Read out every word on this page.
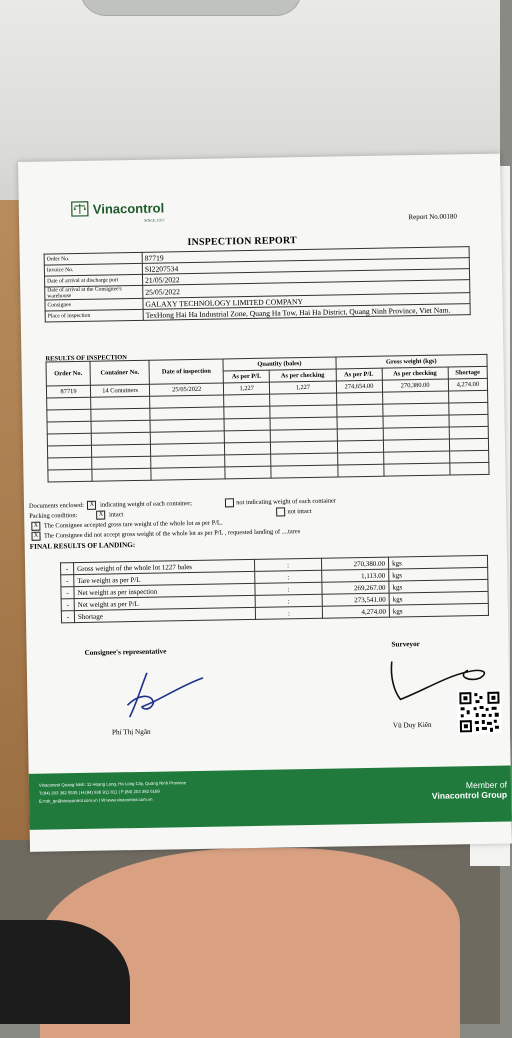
Vinacontrol
SINCE 1957	Report No.00180
INSPECTION REPORT
Order No.	87719
Invoice No.	SI2207534
Date of arrival at discharge port	21/05/2022
Date of arrival at the Consignee's warehouse	25/05/2022
Consignee	GALAXY TECHNOLOGY LIMITED COMPANY
Place of inspection	TexHong Hai Ha Industrial Zone, Quang Ha Tow, Hai Ha District, Quang Ninh Province, Viet Nam.
RESULTS OF INSPECTION
Order No.	Container No.	Date of inspection	Quantity (bales)		Gross weight (kgs)		
			As per P/L	As per checking	As per P/L	As per checking	Shortage
87719	14 Containers	25/05/2022	1,227	1,227	274,654.00	270,380.00	4,274.00

Documents enclosed: X indicating weight of each container;	not indicating weight of each container
Packing condition:	X intact	not intact
X The Consignee accepted gross tare weight of the whole lot as per P/L.
X The Consignee did not accept gross weight of the whole lot as per P/L , requested landing of ....tares
FINAL RESULTS OF LANDING:
-	Gross weight of the whole lot 1227 bales	:	270,380.00	kgs
-	Tare weight as per P/L	:	1,113.00	kgs
-	Net weight as per inspection	:	269,267.00	kgs
-	Net weight as per P/L	:	273,541.00	kgs
-	Shortage	:	4,274.00	kgs
Consignee's representative
Surveyor
Phí Thị Ngân
Vũ Duy Kiên
Vinacontrol Quang Ninh: 11 Hoang Long, Ha Long City, Quang Ninh Province
T:(84) 203 382 5535 | H:(84) 936 911 811 | F:(84) 203 382 6169
E:mth_qn@vinacontrol.com.vn | W:www.vinacontrol.com.vn
Member of
Vinacontrol Group
